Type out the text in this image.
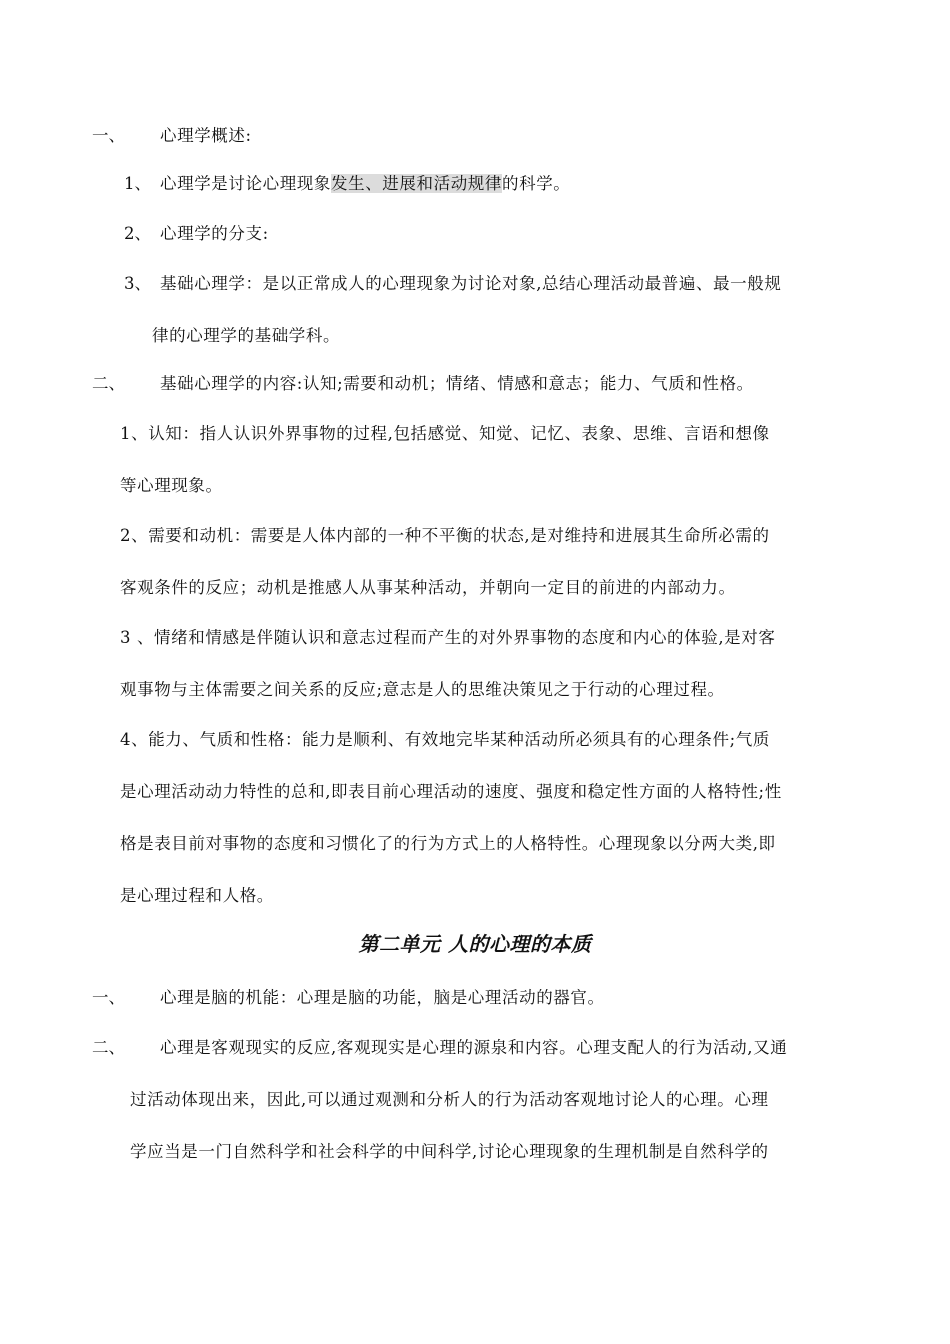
一、 心理学概述:
1、 心理学是讨论心理现象发生、进展和活动规律的科学。
2、 心理学的分支:
3、 基础心理学：是以正常成人的心理现象为讨论对象,总结心理活动最普遍、最一般规
律的心理学的基础学科。
二、 基础心理学的内容:认知;需要和动机；情绪、情感和意志；能力、气质和性格。
1、认知：指人认识外界事物的过程,包括感觉、知觉、记忆、表象、思维、言语和想像
等心理现象。
2、需要和动机：需要是人体内部的一种不平衡的状态,是对维持和进展其生命所必需的
客观条件的反应；动机是推感人从事某种活动，并朝向一定目的前进的内部动力。
3 、情绪和情感是伴随认识和意志过程而产生的对外界事物的态度和内心的体验,是对客
观事物与主体需要之间关系的反应;意志是人的思维决策见之于行动的心理过程。
4、能力、气质和性格：能力是顺利、有效地完毕某种活动所必须具有的心理条件;气质
是心理活动动力特性的总和,即表目前心理活动的速度、强度和稳定性方面的人格特性;性
格是表目前对事物的态度和习惯化了的行为方式上的人格特性。心理现象以分两大类,即
是心理过程和人格。
第二单元 人的心理的本质
一、 心理是脑的机能：心理是脑的功能，脑是心理活动的器官。
二、 心理是客观现实的反应,客观现实是心理的源泉和内容。心理支配人的行为活动,又通
过活动体现出来，因此,可以通过观测和分析人的行为活动客观地讨论人的心理。心理
学应当是一门自然科学和社会科学的中间科学,讨论心理现象的生理机制是自然科学的
